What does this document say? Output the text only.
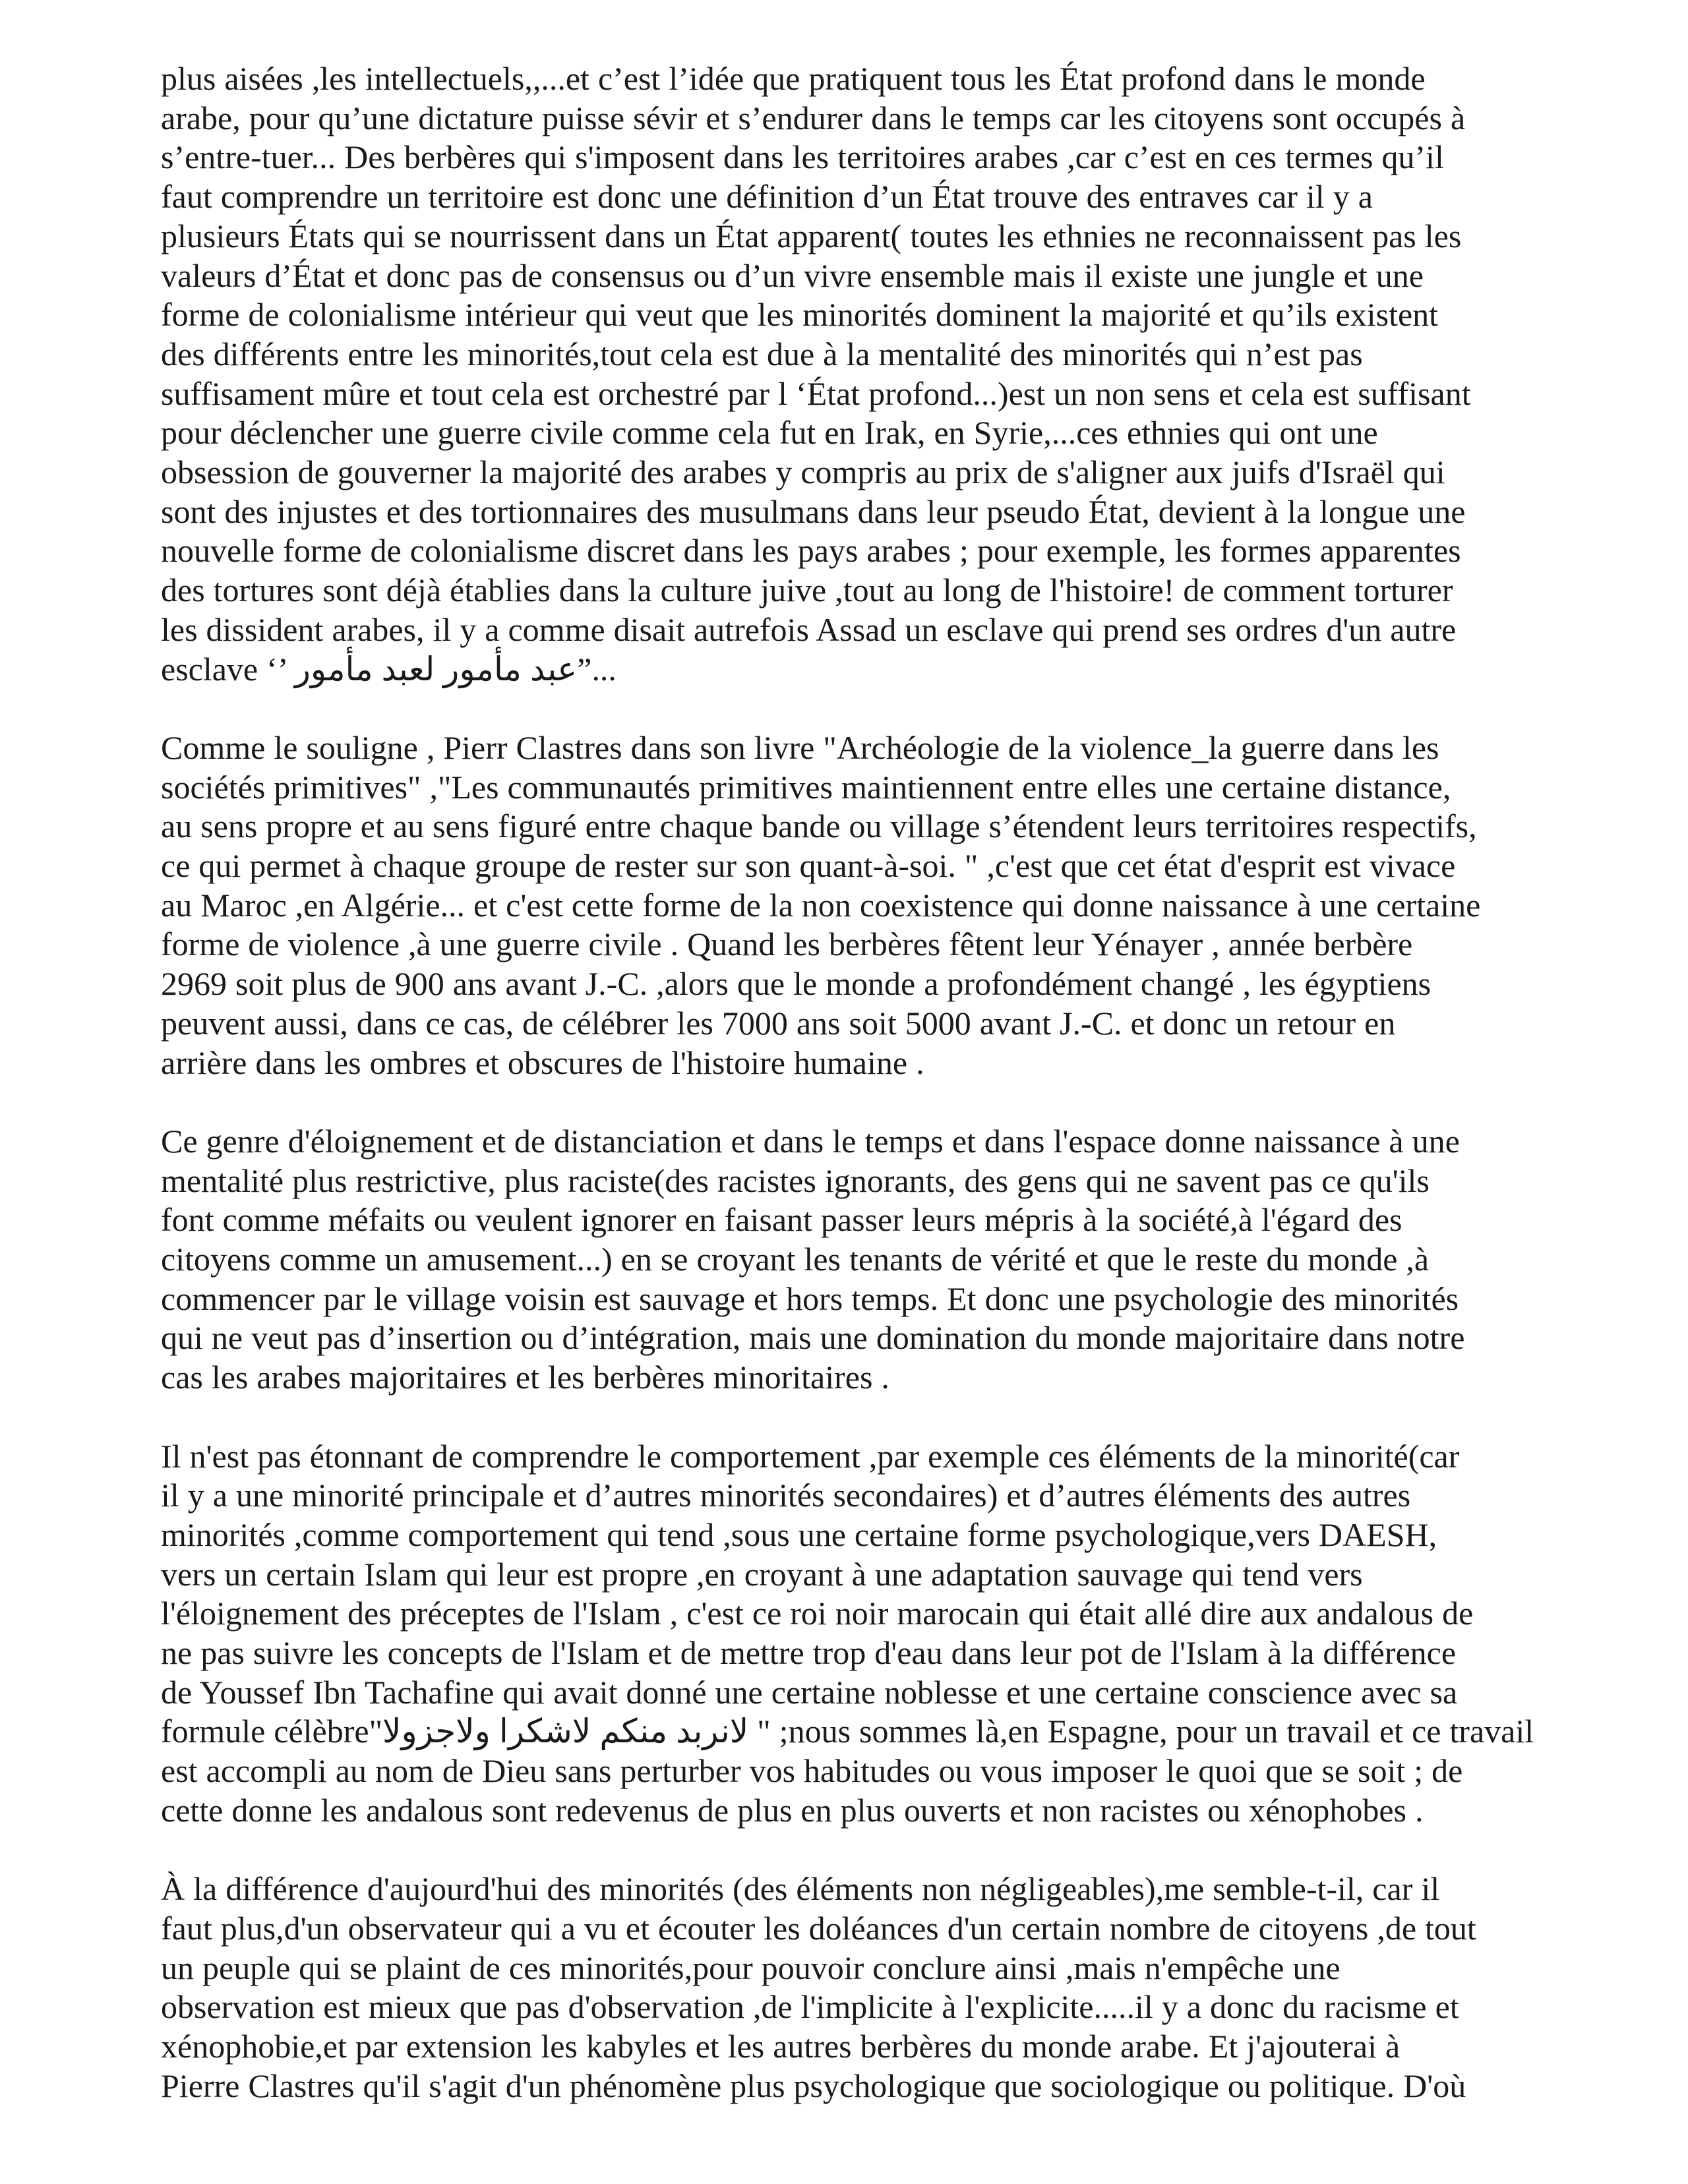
plus aisées ,les intellectuels,,...et c’est l’idée que pratiquent tous les État profond dans le monde
arabe, pour qu’une dictature puisse sévir et s’endurer dans le temps car les citoyens sont occupés à
s’entre-tuer... Des berbères qui s'imposent dans les territoires arabes ,car c’est en ces termes qu’il
faut comprendre un territoire est donc une définition d’un État trouve des entraves car il y a
plusieurs États qui se nourrissent dans un État apparent( toutes les ethnies ne reconnaissent pas les
valeurs d’État et donc pas de consensus ou d’un vivre ensemble mais il existe une jungle et une
forme de colonialisme intérieur qui veut que les minorités dominent la majorité et qu’ils existent
des différents entre les minorités,tout cela est due à la mentalité des minorités qui n’est pas
suffisament mûre et tout cela est orchestré par l ‘État profond...)est un non sens et cela est suffisant
pour déclencher une guerre civile comme cela fut en Irak, en Syrie,...ces ethnies qui ont une
obsession de gouverner la majorité des arabes y compris au prix de s'aligner aux juifs d'Israël qui
sont des injustes et des tortionnaires des musulmans dans leur pseudo État, devient à la longue une
nouvelle forme de colonialisme discret dans les pays arabes ; pour exemple, les formes apparentes
des tortures sont déjà établies dans la culture juive ,tout au long de l'histoire! de comment torturer
les dissident arabes, il y a comme disait autrefois Assad un esclave qui prend ses ordres d'un autre
esclave ‘’ عبد مأمور لعبد مأمور”...

Comme le souligne , Pierr Clastres dans son livre "Archéologie de la violence_la guerre dans les
sociétés primitives" ,"Les communautés primitives maintiennent entre elles une certaine distance,
au sens propre et au sens figuré entre chaque bande ou village s’étendent leurs territoires respectifs,
ce qui permet à chaque groupe de rester sur son quant-à-soi. " ,c'est que cet état d'esprit est vivace
au Maroc ,en Algérie... et c'est cette forme de la non coexistence qui donne naissance à une certaine
forme de violence ,à une guerre civile . Quand les berbères fêtent leur Yénayer , année berbère
2969 soit plus de 900 ans avant J.-C. ,alors que le monde a profondément changé , les égyptiens
peuvent aussi, dans ce cas, de célébrer les 7000 ans soit 5000 avant J.-C. et donc un retour en
arrière dans les ombres et obscures de l'histoire humaine .

Ce genre d'éloignement et de distanciation et dans le temps et dans l'espace donne naissance à une
mentalité plus restrictive, plus raciste(des racistes ignorants, des gens qui ne savent pas ce qu'ils
font comme méfaits ou veulent ignorer en faisant passer leurs mépris à la société,à l'égard des
citoyens comme un amusement...) en se croyant les tenants de vérité et que le reste du monde ,à
commencer par le village voisin est sauvage et hors temps. Et donc une psychologie des minorités
qui ne veut pas d’insertion ou d’intégration, mais une domination du monde majoritaire dans notre
cas les arabes majoritaires et les berbères minoritaires .

Il n'est pas étonnant de comprendre le comportement ,par exemple ces éléments de la minorité(car
il y a une minorité principale et d’autres minorités secondaires) et d’autres éléments des autres
minorités ,comme comportement qui tend ,sous une certaine forme psychologique,vers DAESH,
vers un certain Islam qui leur est propre ,en croyant à une adaptation sauvage qui tend vers
l'éloignement des préceptes de l'Islam , c'est ce roi noir marocain qui était allé dire aux andalous de
ne pas suivre les concepts de l'Islam et de mettre trop d'eau dans leur pot de l'Islam à la différence
de Youssef Ibn Tachafine qui avait donné une certaine noblesse et une certaine conscience avec sa
formule célèbre"لانربد منكم لاشكرا ولاجزولا " ;nous sommes là,en Espagne, pour un travail et ce travail
est accompli au nom de Dieu sans perturber vos habitudes ou vous imposer le quoi que se soit ; de
cette donne les andalous sont redevenus de plus en plus ouverts et non racistes ou xénophobes .

À la différence d'aujourd'hui des minorités (des éléments non négligeables),me semble-t-il, car il
faut plus,d'un observateur qui a vu et écouter les doléances d'un certain nombre de citoyens ,de tout
un peuple qui se plaint de ces minorités,pour pouvoir conclure ainsi ,mais n'empêche une
observation est mieux que pas d'observation ,de l'implicite à l'explicite.....il y a donc du racisme et
xénophobie,et par extension les kabyles et les autres berbères du monde arabe. Et j'ajouterai à
Pierre Clastres qu'il s'agit d'un phénomène plus psychologique que sociologique ou politique. D'où
